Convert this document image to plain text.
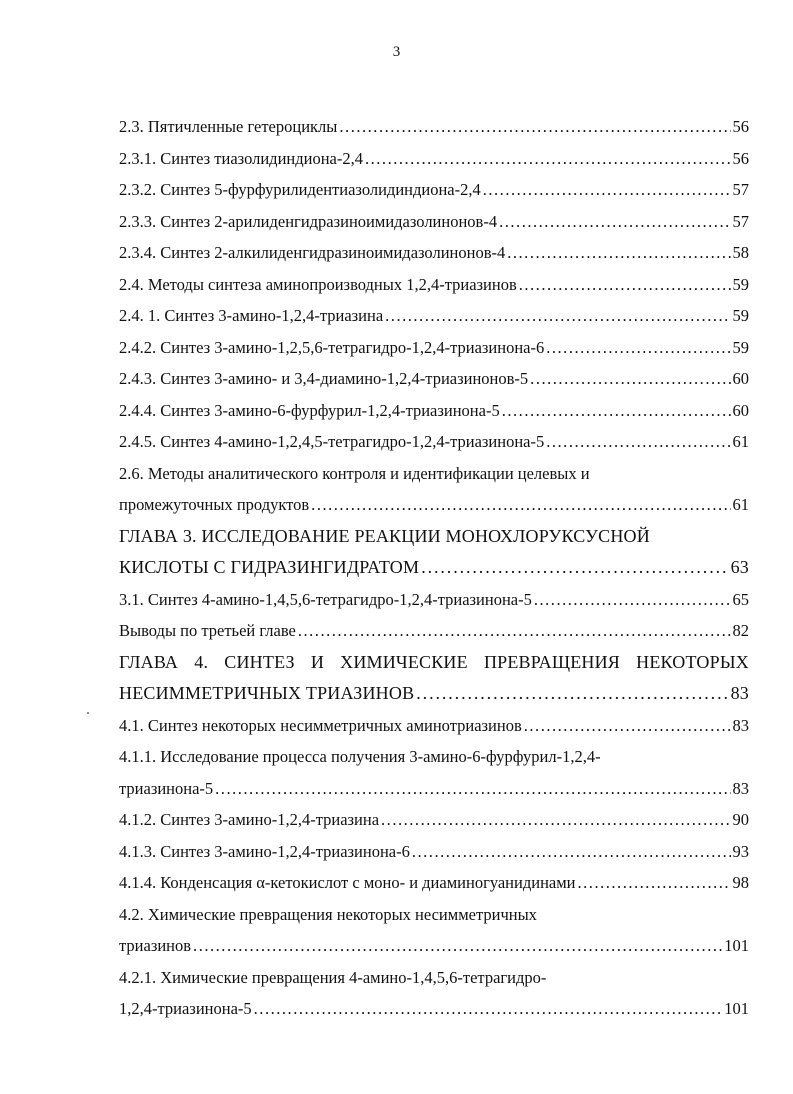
3
2.3. Пятичленные гетероциклы . . .	56
2.3.1. Синтез тиазолидиндиона-2,4 . . .	56
2.3.2. Синтез 5-фурфурилидентиазолидиндиона-2,4 . . .	57
2.3.3. Синтез 2-арилиденгидразиноимидазолинонов-4 . . .	57
2.3.4. Синтез 2-алкилиденгидразиноимидазолинонов-4 . . .	58
2.4. Методы синтеза аминопроизводных 1,2,4-триазинов . . .	59
2.4. 1. Синтез 3-амино-1,2,4-триазина . . .	59
2.4.2. Синтез 3-амино-1,2,5,6-тетрагидро-1,2,4-триазинона-6 . . .	59
2.4.3. Синтез 3-амино- и 3,4-диамино-1,2,4-триазинонов-5 . . .	60
2.4.4. Синтез 3-амино-6-фурфурил-1,2,4-триазинона-5 . . .	60
2.4.5. Синтез 4-амино-1,2,4,5-тетрагидро-1,2,4-триазинона-5 . . .	61
2.6. Методы аналитического контроля и идентификации целевых и
промежуточных продуктов . . .	61
ГЛАВА 3. ИССЛЕДОВАНИЕ РЕАКЦИИ МОНОХЛОРУКСУСНОЙ
КИСЛОТЫ С ГИДРАЗИНГИДРАТОМ . . .	63
3.1. Синтез 4-амино-1,4,5,6-тетрагидро-1,2,4-триазинона-5 . . .	65
Выводы по третьей главе . . .	82
ГЛАВА 4. СИНТЕЗ И ХИМИЧЕСКИЕ ПРЕВРАЩЕНИЯ НЕКОТОРЫХ
НЕСИММЕТРИЧНЫХ ТРИАЗИНОВ . . .	83
4.1. Синтез некоторых несимметричных аминотриазинов . . .	83
4.1.1. Исследование процесса получения 3-амино-6-фурфурил-1,2,4-
триазинона-5 . . .	83
4.1.2. Синтез 3-амино-1,2,4-триазина . . .	90
4.1.3. Синтез 3-амино-1,2,4-триазинона-6 . . .	93
4.1.4. Конденсация α-кетокислот с моно- и диаминогуанидинами . . .	98
4.2. Химические превращения некоторых несимметричных
триазинов . . .	101
4.2.1. Химические превращения 4-амино-1,4,5,6-тетрагидро-
1,2,4-триазинона-5 . . .	101
